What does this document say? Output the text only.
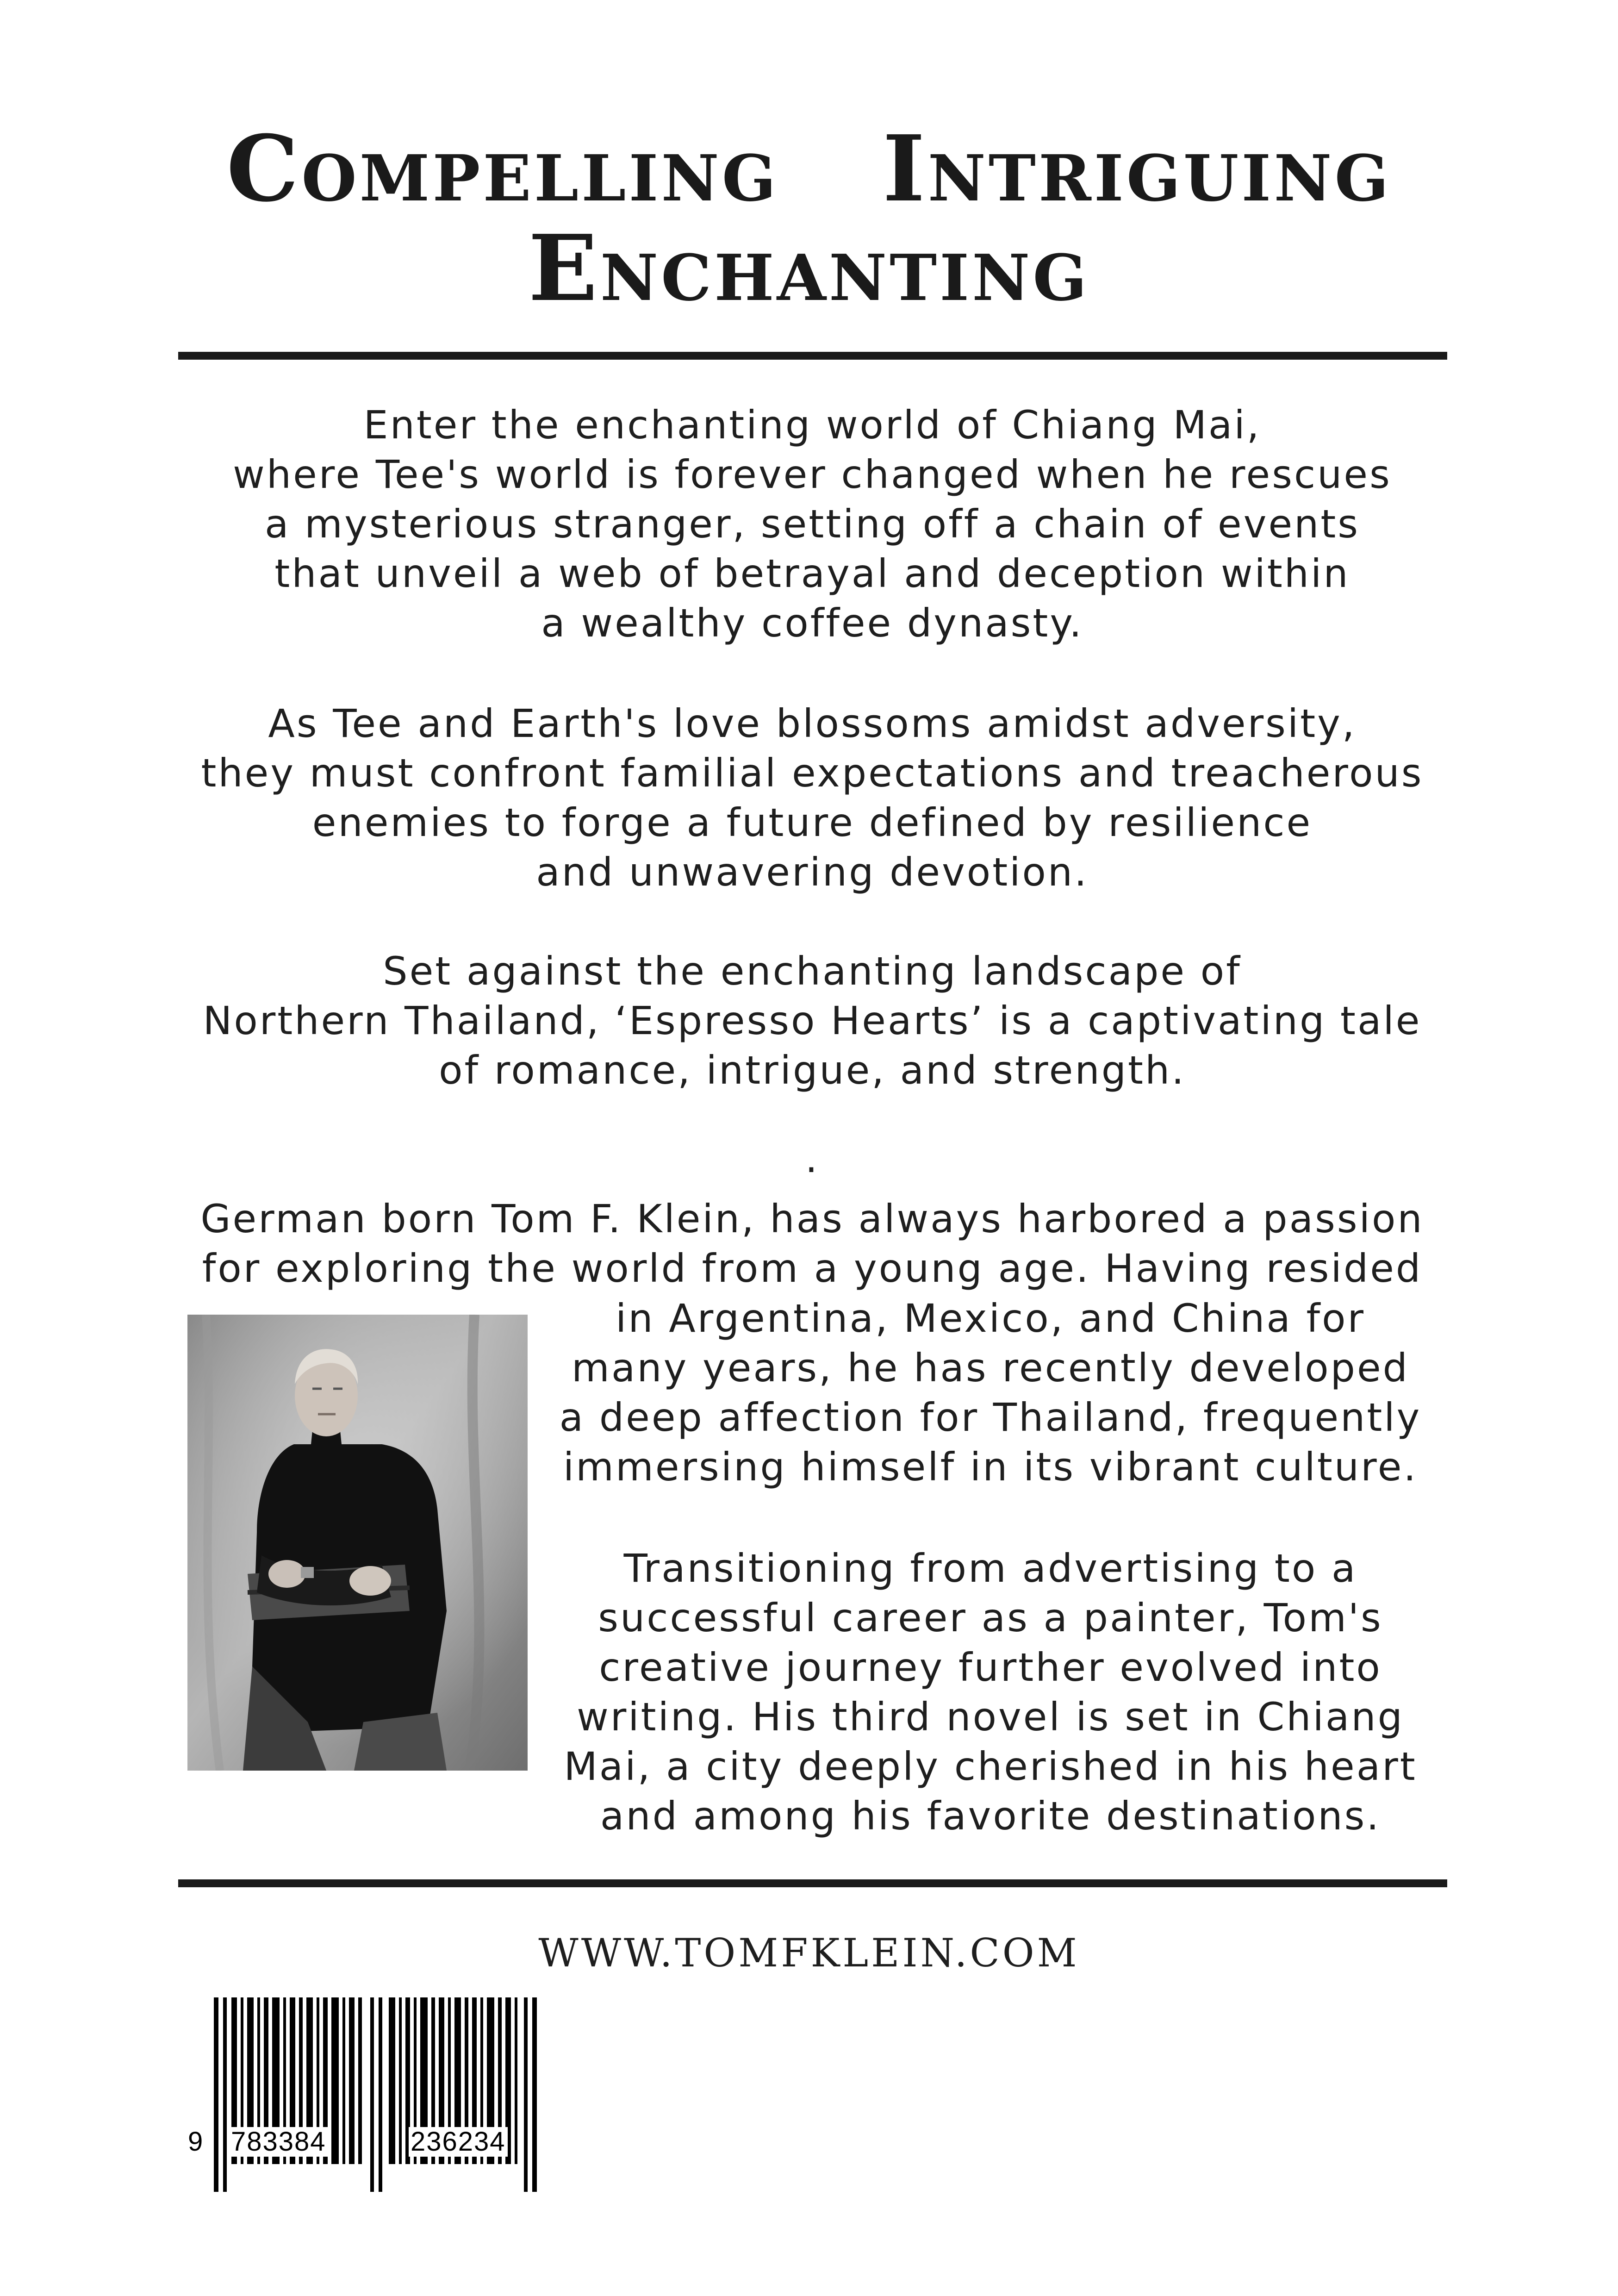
Compelling Intriguing
Enchanting

Enter the enchanting world of Chiang Mai,
where Tee's world is forever changed when he rescues
a mysterious stranger, setting off a chain of events
that unveil a web of betrayal and deception within
a wealthy coffee dynasty.

As Tee and Earth's love blossoms amidst adversity,
they must confront familial expectations and treacherous
enemies to forge a future defined by resilience
and unwavering devotion.

Set against the enchanting landscape of
Northern Thailand, ‘Espresso Hearts’ is a captivating tale
of romance, intrigue, and strength.

.

German born Tom F. Klein, has always harbored a passion
for exploring the world from a young age. Having resided

in Argentina, Mexico, and China for
many years, he has recently developed
a deep affection for Thailand, frequently
immersing himself in its vibrant culture.

Transitioning from advertising to a
successful career as a painter, Tom's
creative journey further evolved into
writing. His third novel is set in Chiang
Mai, a city deeply cherished in his heart
and among his favorite destinations.

WWW.TOMFKLEIN.COM
9 783384	236234
